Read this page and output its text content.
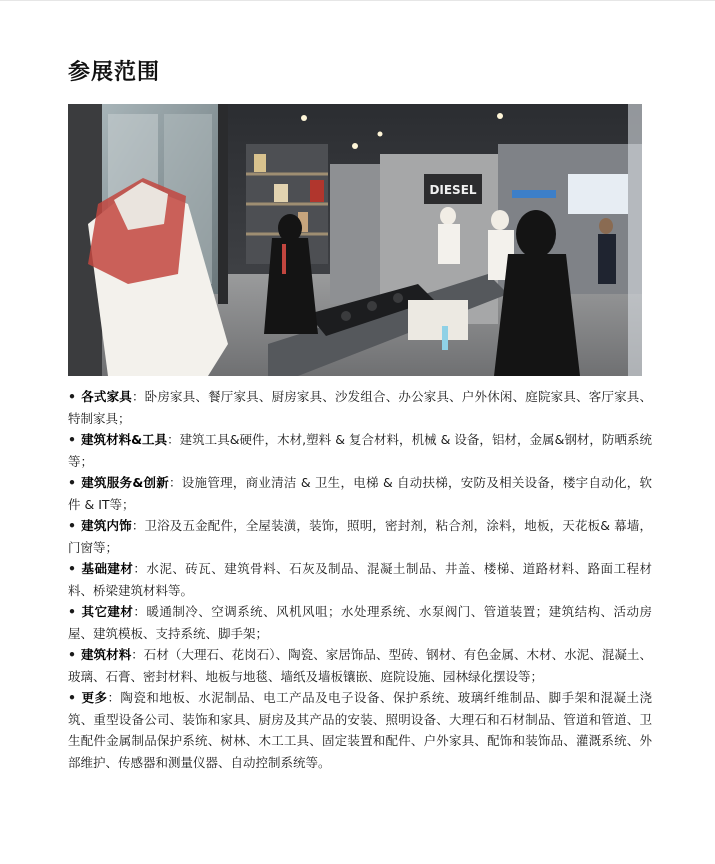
参展范围
DIESEL
• 各式家具：卧房家具、餐厅家具、厨房家具、沙发组合、办公家具、户外休闲、庭院家具、客厅家具、特制家具；
• 建筑材料&工具：建筑工具&硬件，木材,塑料 & 复合材料，机械 & 设备，铝材，金属&钢材，防晒系统等；
• 建筑服务&创新：设施管理，商业清洁 & 卫生，电梯 & 自动扶梯，安防及相关设备，楼宇自动化，软件 & IT等；
• 建筑内饰：卫浴及五金配件，全屋装潢，装饰，照明，密封剂，粘合剂，涂料，地板，天花板& 幕墙，门窗等；
• 基础建材：水泥、砖瓦、建筑骨料、石灰及制品、混凝土制品、井盖、楼梯、道路材料、路面工程材料、桥梁建筑材料等。
• 其它建材：暖通制冷、空调系统、风机风咀；水处理系统、水泵阀门、管道装置；建筑结构、活动房屋、建筑模板、支持系统、脚手架；
• 建筑材料：石材（大理石、花岗石）、陶瓷、家居饰品、型砖、钢材、有色金属、木材、水泥、混凝土、玻璃、石膏、密封材料、地板与地毯、墙纸及墙板镶嵌、庭院设施、园林绿化摆设等；
• 更多：陶瓷和地板、水泥制品、电工产品及电子设备、保护系统、玻璃纤维制品、脚手架和混凝土浇筑、重型设备公司、装饰和家具、厨房及其产品的安装、照明设备、大理石和石材制品、管道和管道、卫生配件金属制品保护系统、树林、木工工具、固定装置和配件、户外家具、配饰和装饰品、灌溉系统、外部维护、传感器和测量仪器、自动控制系统等。
